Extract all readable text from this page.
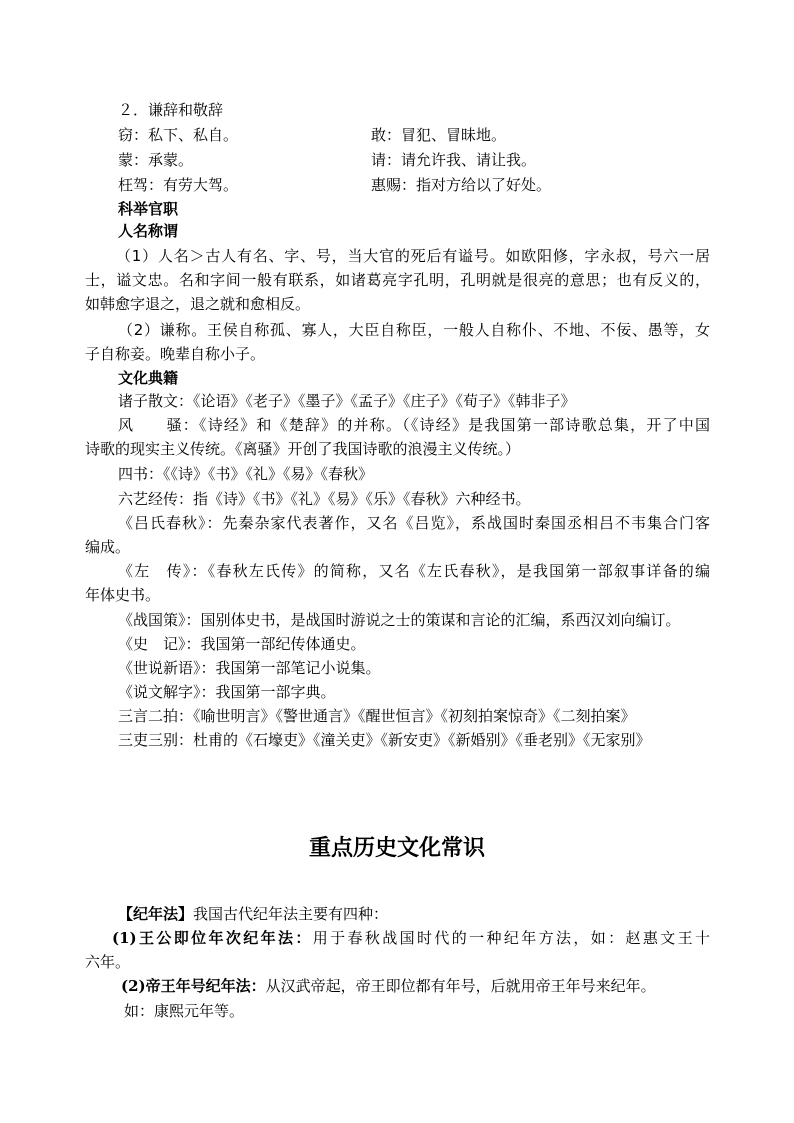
２．谦辞和敬辞
窃：私下、私自。	敢：冒犯、冒昧地。
蒙：承蒙。	请：请允许我、请让我。
枉驾：有劳大驾。	惠赐：指对方给以了好处。
科举官职
人名称谓
（1）人名＞古人有名、字、号，当大官的死后有谥号。如欧阳修，字永叔，号六一居
士，谥文忠。名和字间一般有联系，如诸葛亮字孔明，孔明就是很亮的意思；也有反义的，
如韩愈字退之，退之就和愈相反。
（2）谦称。王侯自称孤、寡人，大臣自称臣，一般人自称仆、不地、不佞、愚等，女
子自称妾。晚辈自称小子。
文化典籍
诸子散文：《论语》《老子》《墨子》《孟子》《庄子》《荀子》《韩非子》
风　　骚：《诗经》和《楚辞》的并称。（《诗经》是我国第一部诗歌总集，开了中国
诗歌的现实主义传统。《离骚》开创了我国诗歌的浪漫主义传统。）
四书：《《诗》《书》《礼》《易》《春秋》
六艺经传：指《诗》《书》《礼》《易》《乐》《春秋》六种经书。
《吕氏春秋》：先秦杂家代表著作，又名《吕览》，系战国时秦国丞相吕不韦集合门客
编成。
《左　传》：《春秋左氏传》的简称，又名《左氏春秋》，是我国第一部叙事详备的编
年体史书。
《战国策》：国别体史书，是战国时游说之士的策谋和言论的汇编，系西汉刘向编订。
《史　记》：我国第一部纪传体通史。
《世说新语》：我国第一部笔记小说集。
《说文解字》：我国第一部字典。
三言二拍：《喻世明言》《警世通言》《醒世恒言》《初刻拍案惊奇》《二刻拍案》
三吏三别：杜甫的《石壕吏》《潼关吏》《新安吏》《新婚别》《垂老别》《无家别》
重点历史文化常识
【纪年法】我国古代纪年法主要有四种：
(1)王公即位年次纪年法：用于春秋战国时代的一种纪年方法，如：赵惠文王十
六年。
(2)帝王年号纪年法：从汉武帝起，帝王即位都有年号，后就用帝王年号来纪年。
如：康熙元年等。
